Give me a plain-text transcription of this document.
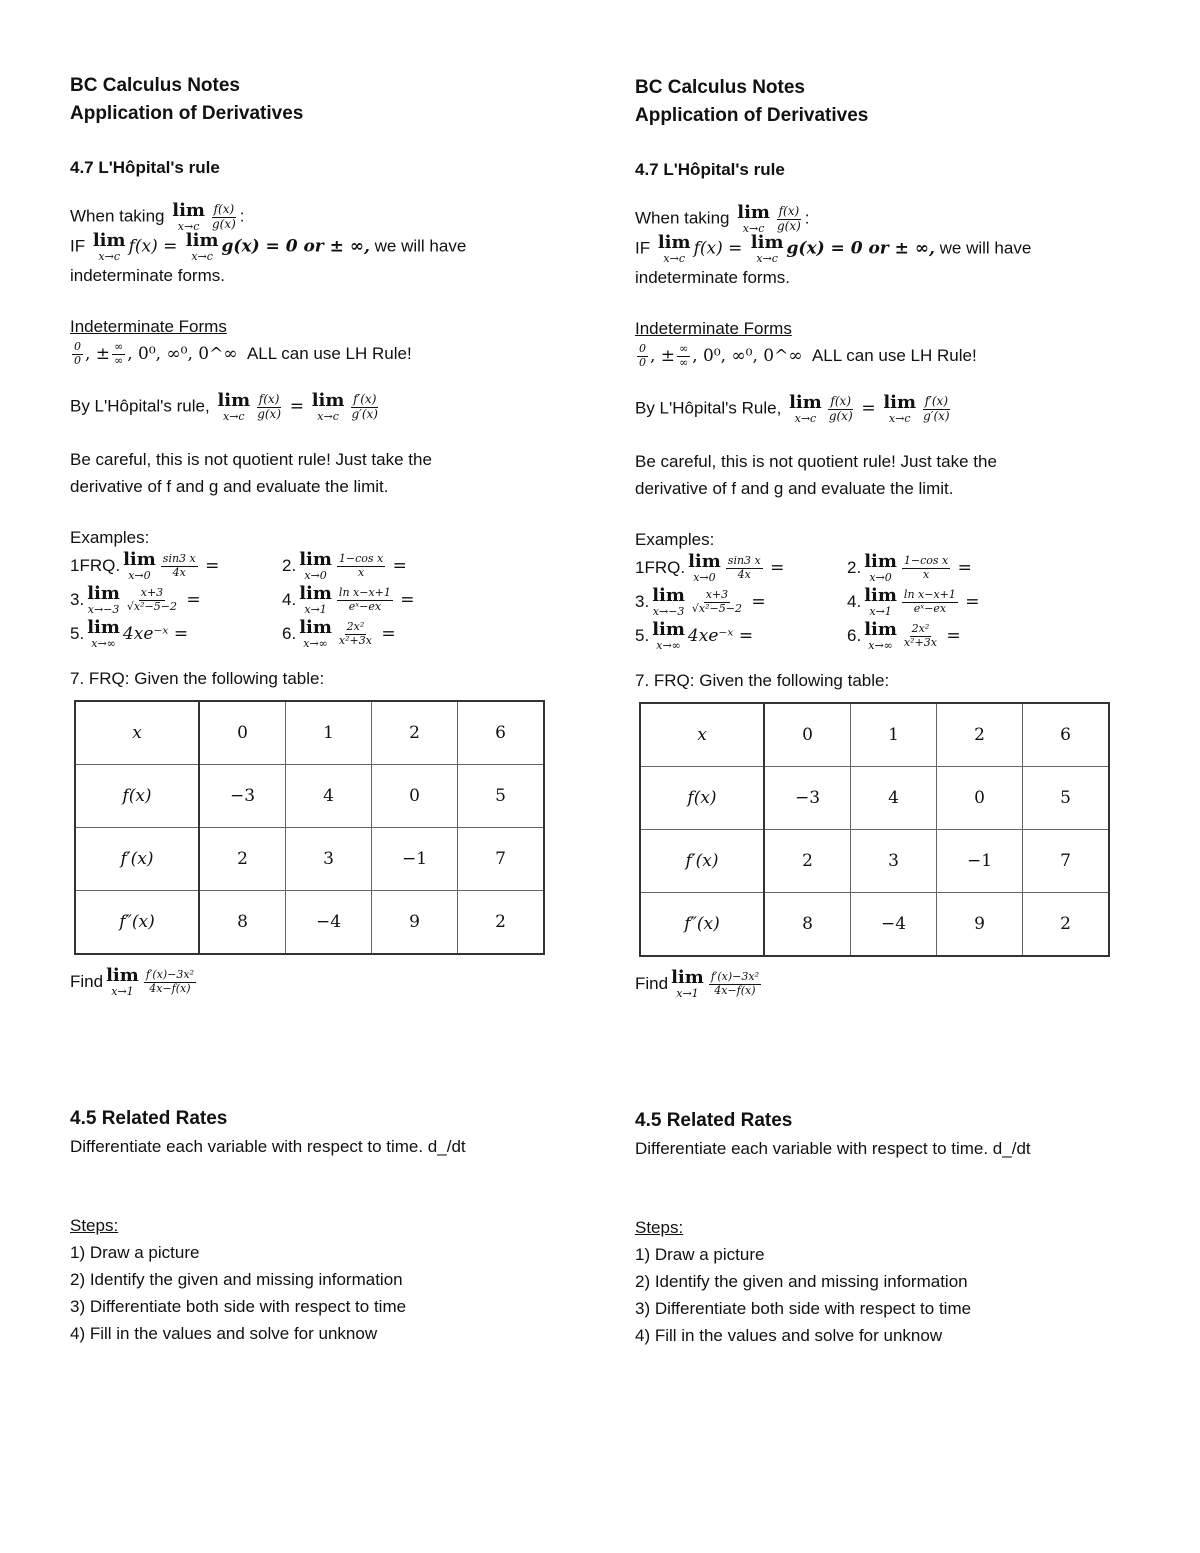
BC Calculus Notes
Application of Derivatives
4.7 L'Hôpital's rule
When taking lim
$x\to c \frac{f(x)}{g(x)}$ :
IF lim
x→c
f(x) = lim
x→c
g(x) = 0 or ± ∞, we will have
indeterminate forms.
Indeterminate Forms
$\frac{0}{0}$ , ± $\frac{\infty}{\infty}$ , 0⁰, ∞⁰, 0^∞ ALL can use LH Rule!
By L'Hôpital's rule, lim
$x\to c \frac{f(x)}{g(x)} = \lim$
$x\to c \frac{f'(x)}{g'(x)}$
Be careful, this is not quotient rule! Just take the
derivative of f and g and evaluate the limit.
Examples:
1FRQ. lim
$x\to 0 \frac{\sin 3 x}{4x}$
=	2. lim
$x\to 0 \frac{\text{1−cos x}}{x}$
=
3. lim
$x\to-3 \frac{x+3}{\text{√x²−5−2}}$
=	4. lim
$x\to 1 \frac{\text{ln x−x+1}}{\text{eˣ−ex}}$
=
5. lim
x→∞ 4xe⁻ˣ
=	6. lim
$x\to\infty \frac{\text{2x²}}{\text{x²+3x}}$
=
7. FRQ: Given the following table:
x	0	1	2	6
f(x)	−3	4	0	5
f′(x)	2	3	−1	7
f″(x)	8	−4	9	2
Find lim
$x\to 1 \frac{\text{f′(x)−3x²}}{4x-f(x)}$
4.5 Related Rates
Differentiate each variable with respect to time. d_/dt
Steps:
1) Draw a picture
2) Identify the given and missing information
3) Differentiate both side with respect to time
4) Fill in the values and solve for unknow
BC Calculus Notes
Application of Derivatives
4.7 L'Hôpital's rule
When taking lim
$x\to c \frac{f(x)}{g(x)}$ :
IF lim
x→c
f(x) = lim
x→c
g(x) = 0 or ± ∞, we will have
indeterminate forms.
Indeterminate Forms
$\frac{0}{0}$ , ± $\frac{\infty}{\infty}$ , 0⁰, ∞⁰, 0^∞ ALL can use LH Rule!
By L'Hôpital's Rule, lim
$x\to c \frac{f(x)}{g(x)} = \lim$
$x\to c \frac{f'(x)}{g'(x)}$
Be careful, this is not quotient rule! Just take the
derivative of f and g and evaluate the limit.
Examples:
1FRQ. lim
$x\to 0 \frac{\sin 3 x}{4x}$
=	2. lim
$x\to 0 \frac{\text{1−cos x}}{x}$
=
3. lim
$x\to-3 \frac{x+3}{\text{√x²−5−2}}$
=	4. lim
$x\to 1 \frac{\text{ln x−x+1}}{\text{eˣ−ex}}$
=
5. lim
x→∞ 4xe⁻ˣ
=	6. lim
$x\to\infty \frac{\text{2x²}}{\text{x²+3x}}$
=
7. FRQ: Given the following table:
x	0	1	2	6
f(x)	−3	4	0	5
f′(x)	2	3	−1	7
f″(x)	8	−4	9	2
Find lim
$x\to 1 \frac{\text{f′(x)−3x²}}{4x-f(x)}$
4.5 Related Rates
Differentiate each variable with respect to time. d_/dt
Steps:
1) Draw a picture
2) Identify the given and missing information
3) Differentiate both side with respect to time
4) Fill in the values and solve for unknow
